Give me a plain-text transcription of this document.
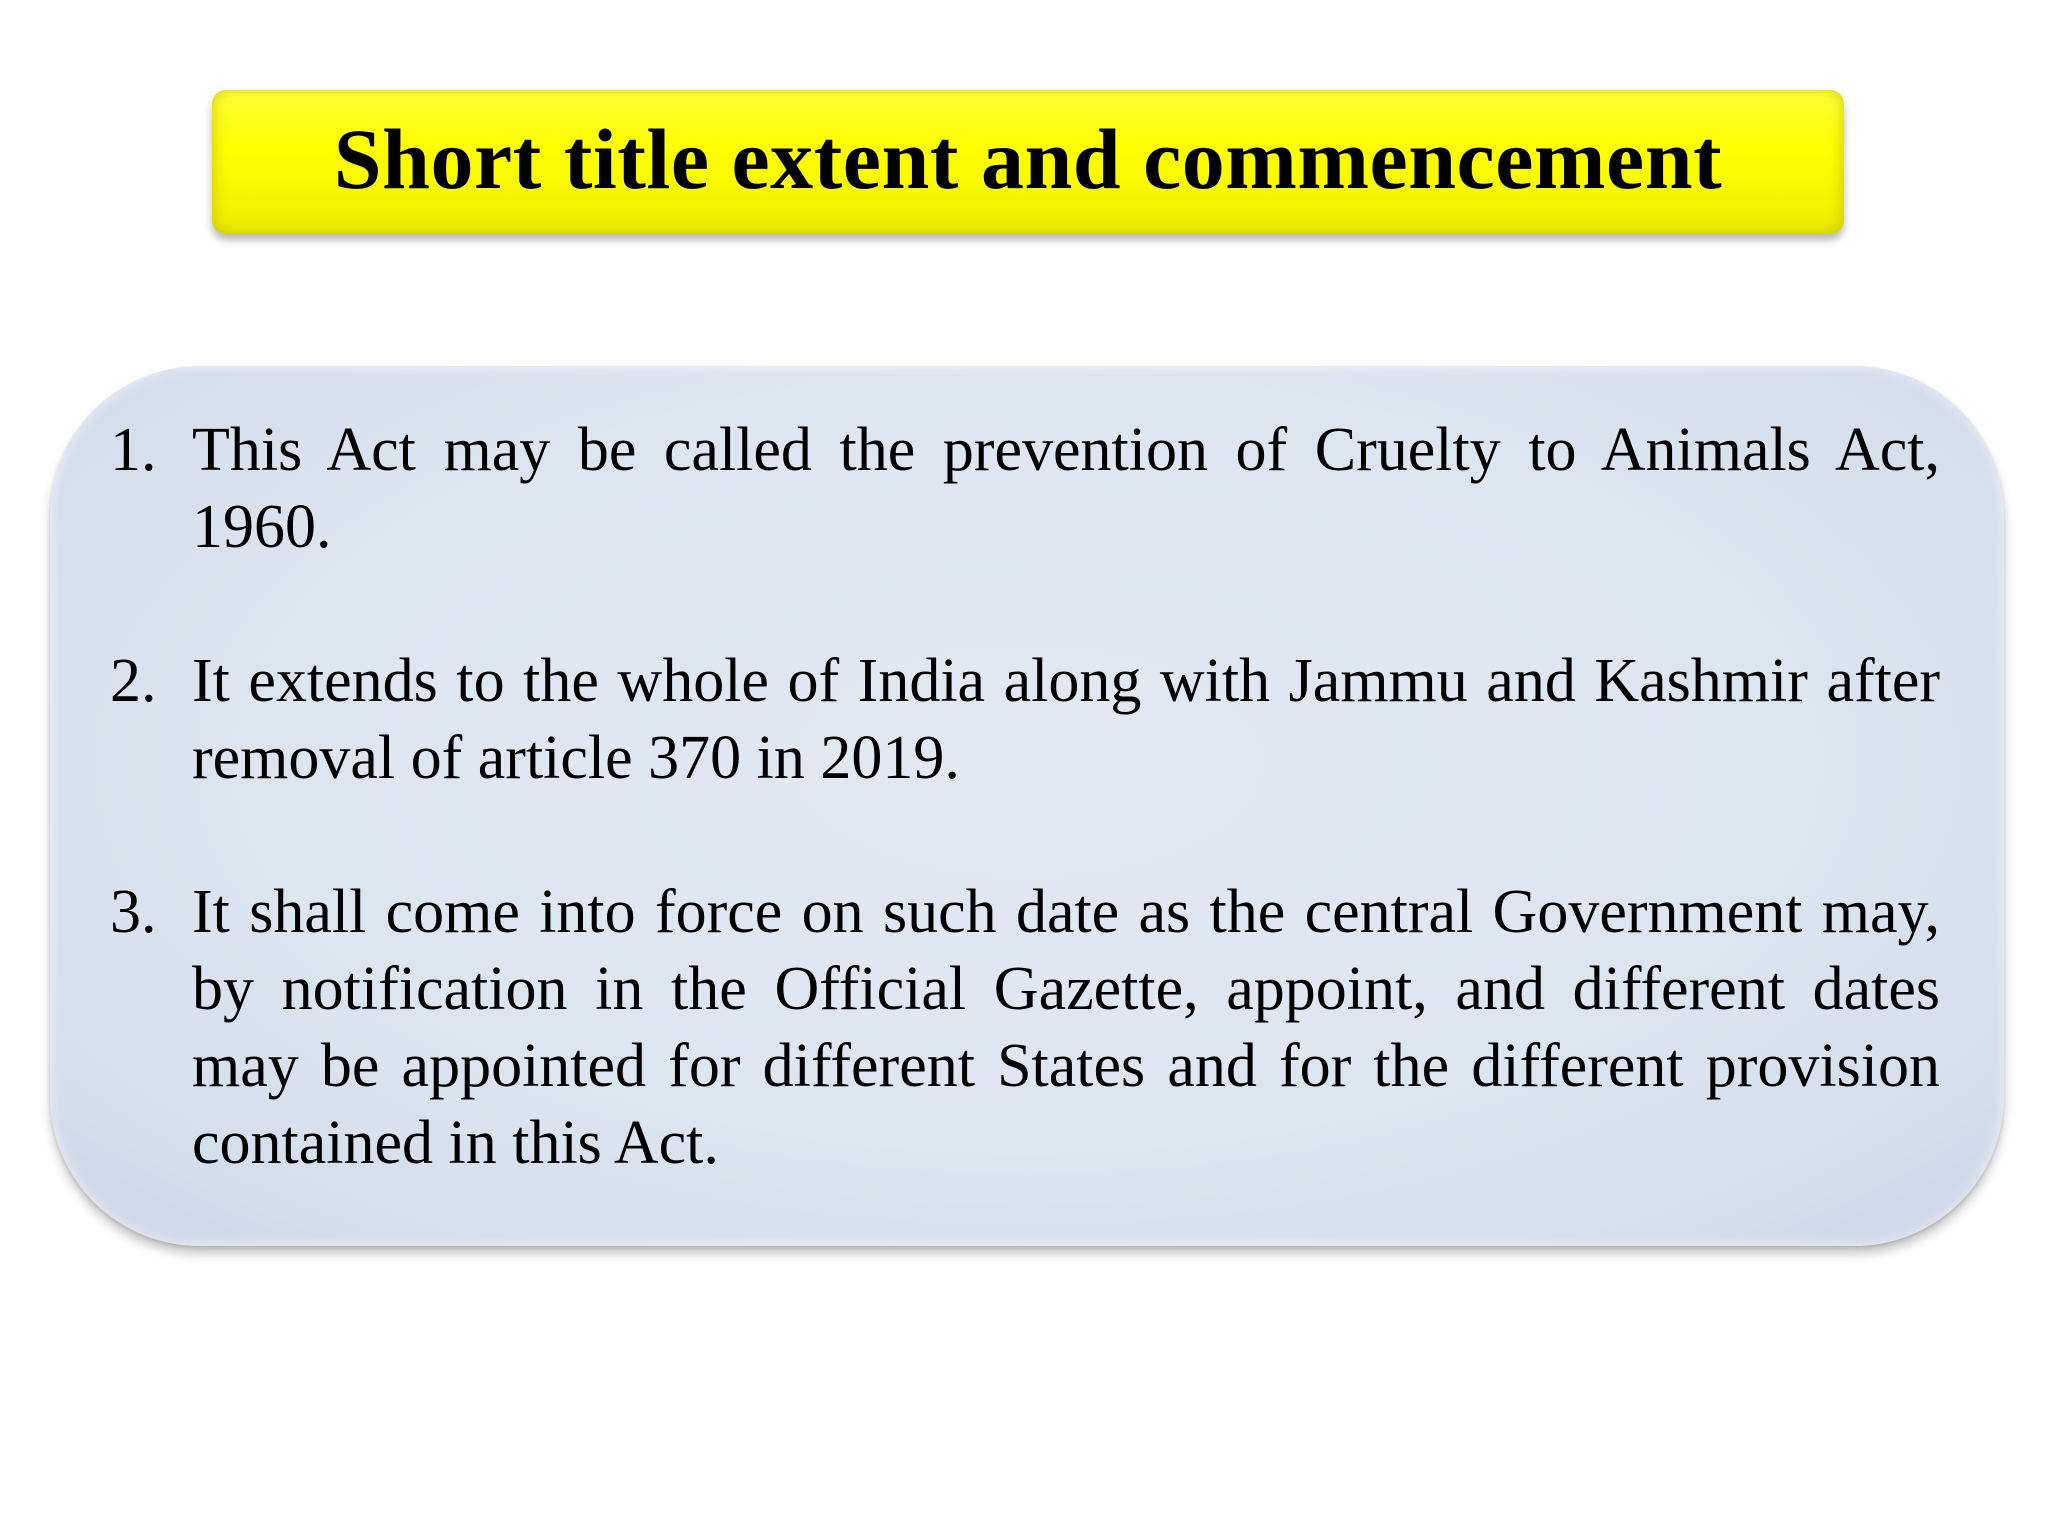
Short title extent and commencement
1. This Act may be called the prevention of Cruelty to Animals Act, 1960.
2. It extends to the whole of India along with Jammu and Kashmir after removal of article 370 in 2019.
3. It shall come into force on such date as the central Government may, by notification in the Official Gazette, appoint, and different dates may be appointed for different States and for the different provision contained in this Act.
